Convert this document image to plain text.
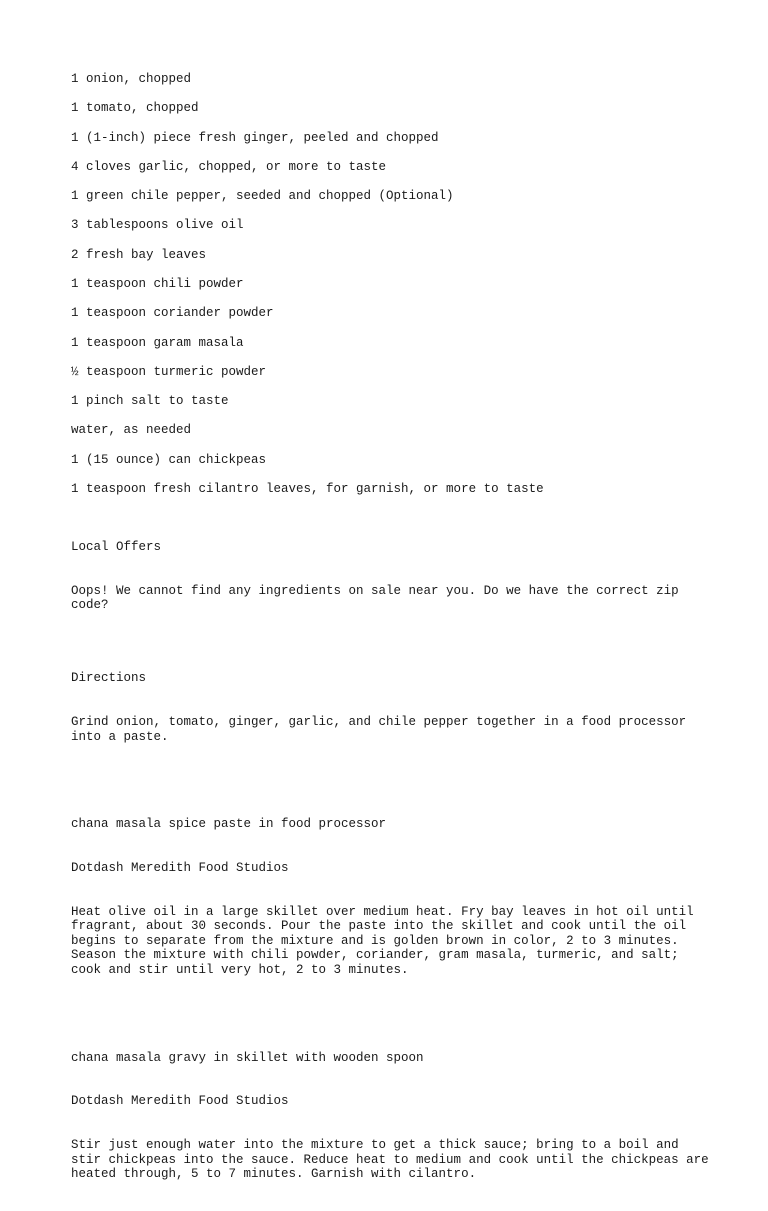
1 onion, chopped
1 tomato, chopped
1 (1-inch) piece fresh ginger, peeled and chopped
4 cloves garlic, chopped, or more to taste
1 green chile pepper, seeded and chopped (Optional)
3 tablespoons olive oil
2 fresh bay leaves
1 teaspoon chili powder
1 teaspoon coriander powder
1 teaspoon garam masala
½ teaspoon turmeric powder
1 pinch salt to taste
water, as needed
1 (15 ounce) can chickpeas
1 teaspoon fresh cilantro leaves, for garnish, or more to taste

Local Offers

Oops! We cannot find any ingredients on sale near you. Do we have the correct zip code?

Directions

Grind onion, tomato, ginger, garlic, and chile pepper together in a food processor into a paste.

chana masala spice paste in food processor

Dotdash Meredith Food Studios

Heat olive oil in a large skillet over medium heat. Fry bay leaves in hot oil until fragrant, about 30 seconds. Pour the paste into the skillet and cook until the oil begins to separate from the mixture and is golden brown in color, 2 to 3 minutes. Season the mixture with chili powder, coriander, gram masala, turmeric, and salt; cook and stir until very hot, 2 to 3 minutes.

chana masala gravy in skillet with wooden spoon

Dotdash Meredith Food Studios

Stir just enough water into the mixture to get a thick sauce; bring to a boil and stir chickpeas into the sauce. Reduce heat to medium and cook until the chickpeas are heated through, 5 to 7 minutes. Garnish with cilantro.
